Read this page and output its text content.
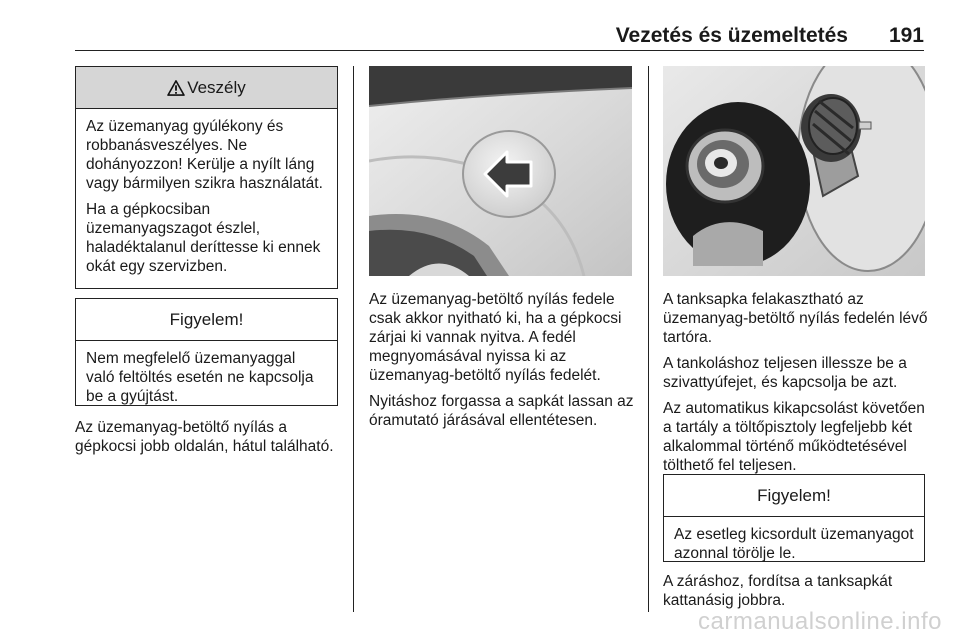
Vezetés és üzemeltetés 191
Veszély

Az üzemanyag gyúlékony és robbanásveszélyes. Ne dohányozzon! Kerülje a nyílt láng vagy bármilyen szikra használatát.

Ha a gépkocsiban üzemanyagszagot észlel, haladéktalanul deríttesse ki ennek okát egy szervizben.

Figyelem!

Nem megfelelő üzemanyaggal való feltöltés esetén ne kapcsolja be a gyújtást.

Az üzemanyag-betöltő nyílás a gépkocsi jobb oldalán, hátul található.

Az üzemanyag-betöltő nyílás fedele csak akkor nyitható ki, ha a gépkocsi zárjai ki vannak nyitva. A fedél megnyomásával nyissa ki az üzemanyag-betöltő nyílás fedelét.

Nyitáshoz forgassa a sapkát lassan az óramutató járásával ellentétesen.

A tanksapka felakasztható az üzemanyag-betöltő nyílás fedelén lévő tartóra.

A tankoláshoz teljesen illessze be a szivattyúfejet, és kapcsolja be azt.

Az automatikus kikapcsolást követően a tartály a töltőpisztoly legfeljebb két alkalommal történő működtetésével tölthető fel teljesen.

Figyelem!

Az esetleg kicsordult üzemanyagot azonnal törölje le.

A záráshoz, fordítsa a tanksapkát kattanásig jobbra.

carmanualsonline.info
